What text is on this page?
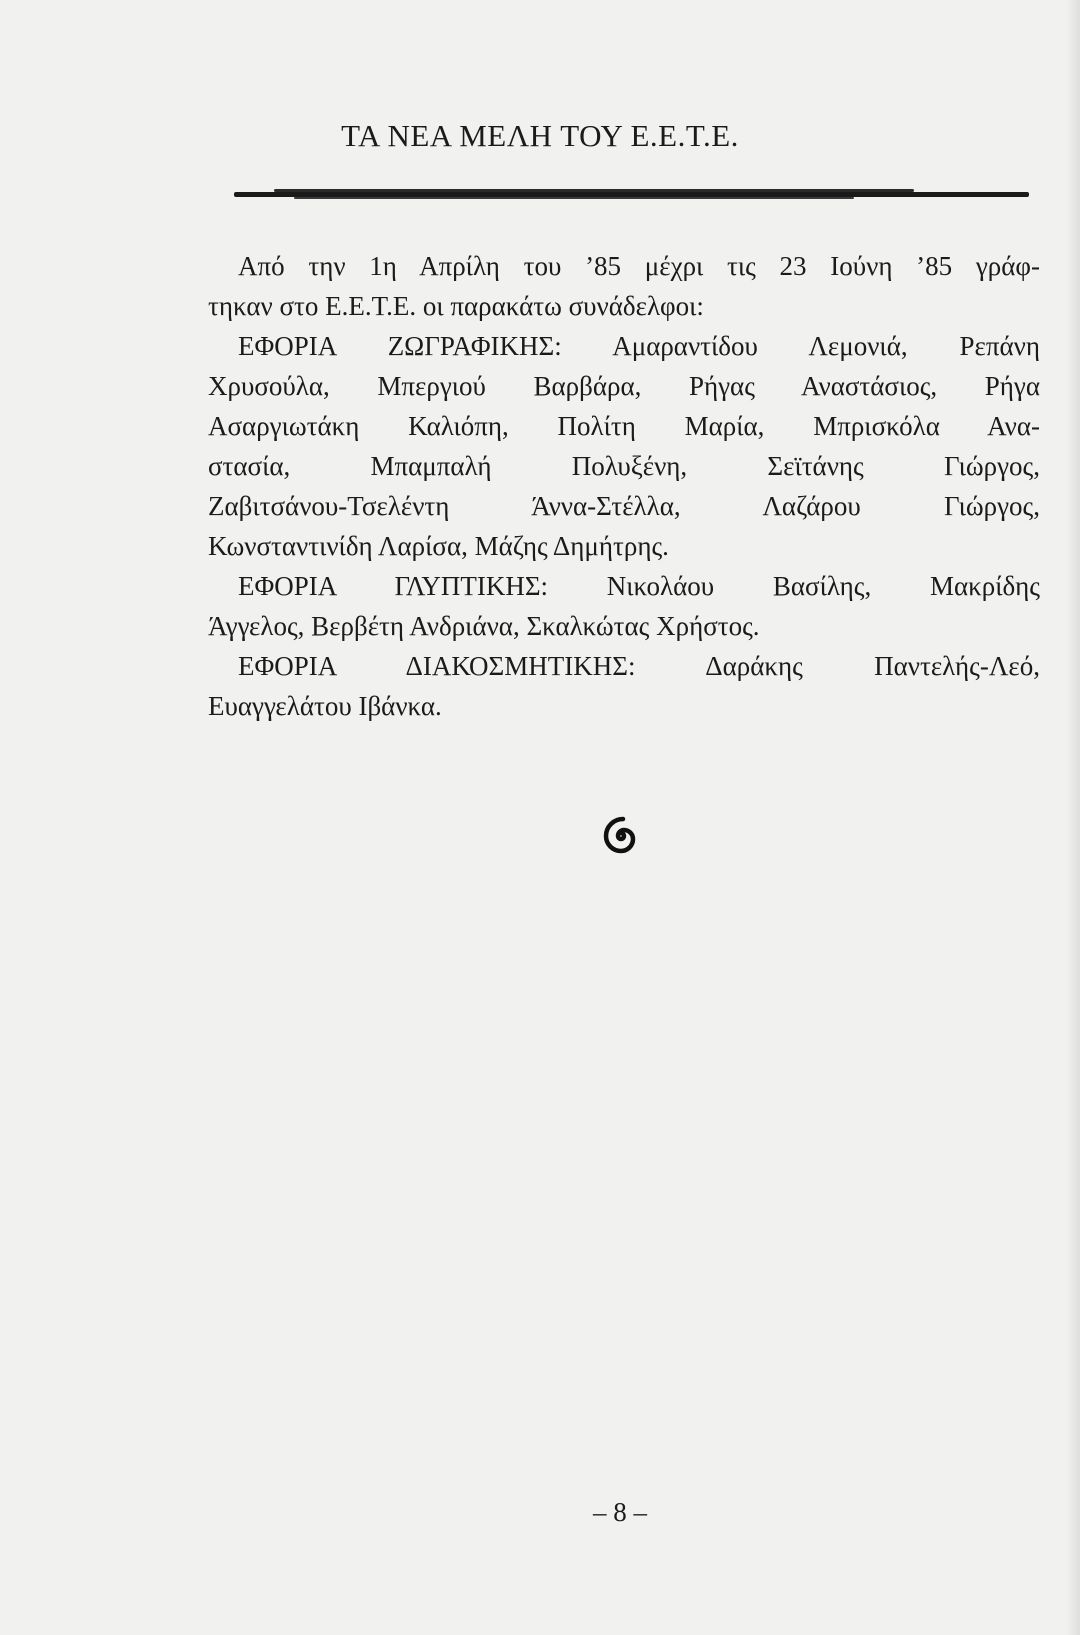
ΤΑ ΝΕΑ ΜΕΛΗ ΤΟΥ Ε.Ε.Τ.Ε.
Από την 1η Απρίλη του ’85 μέχρι τις 23 Ιούνη ’85 γράφ-
τηκαν στο Ε.Ε.Τ.Ε. οι παρακάτω συνάδελφοι:
ΕΦΟΡΙΑ ΖΩΓΡΑΦΙΚΗΣ: Αμαραντίδου Λεμονιά, Ρεπάνη
Χρυσούλα, Μπεργιού Βαρβάρα, Ρήγας Αναστάσιος, Ρήγα
Ασαργιωτάκη Καλιόπη, Πολίτη Μαρία, Μπρισκόλα Ανα-
στασία, Μπαμπαλή Πολυξένη, Σεϊτάνης Γιώργος,
Ζαβιτσάνου-Τσελέντη Άννα-Στέλλα, Λαζάρου Γιώργος,
Κωνσταντινίδη Λαρίσα, Μάζης Δημήτρης.
ΕΦΟΡΙΑ ΓΛΥΠΤΙΚΗΣ: Νικολάου Βασίλης, Μακρίδης
Άγγελος, Βερβέτη Ανδριάνα, Σκαλκώτας Χρήστος.
ΕΦΟΡΙΑ ΔΙΑΚΟΣΜΗΤΙΚΗΣ: Δαράκης Παντελής-Λεό,
Ευαγγελάτου Ιβάνκα.
– 8 –
